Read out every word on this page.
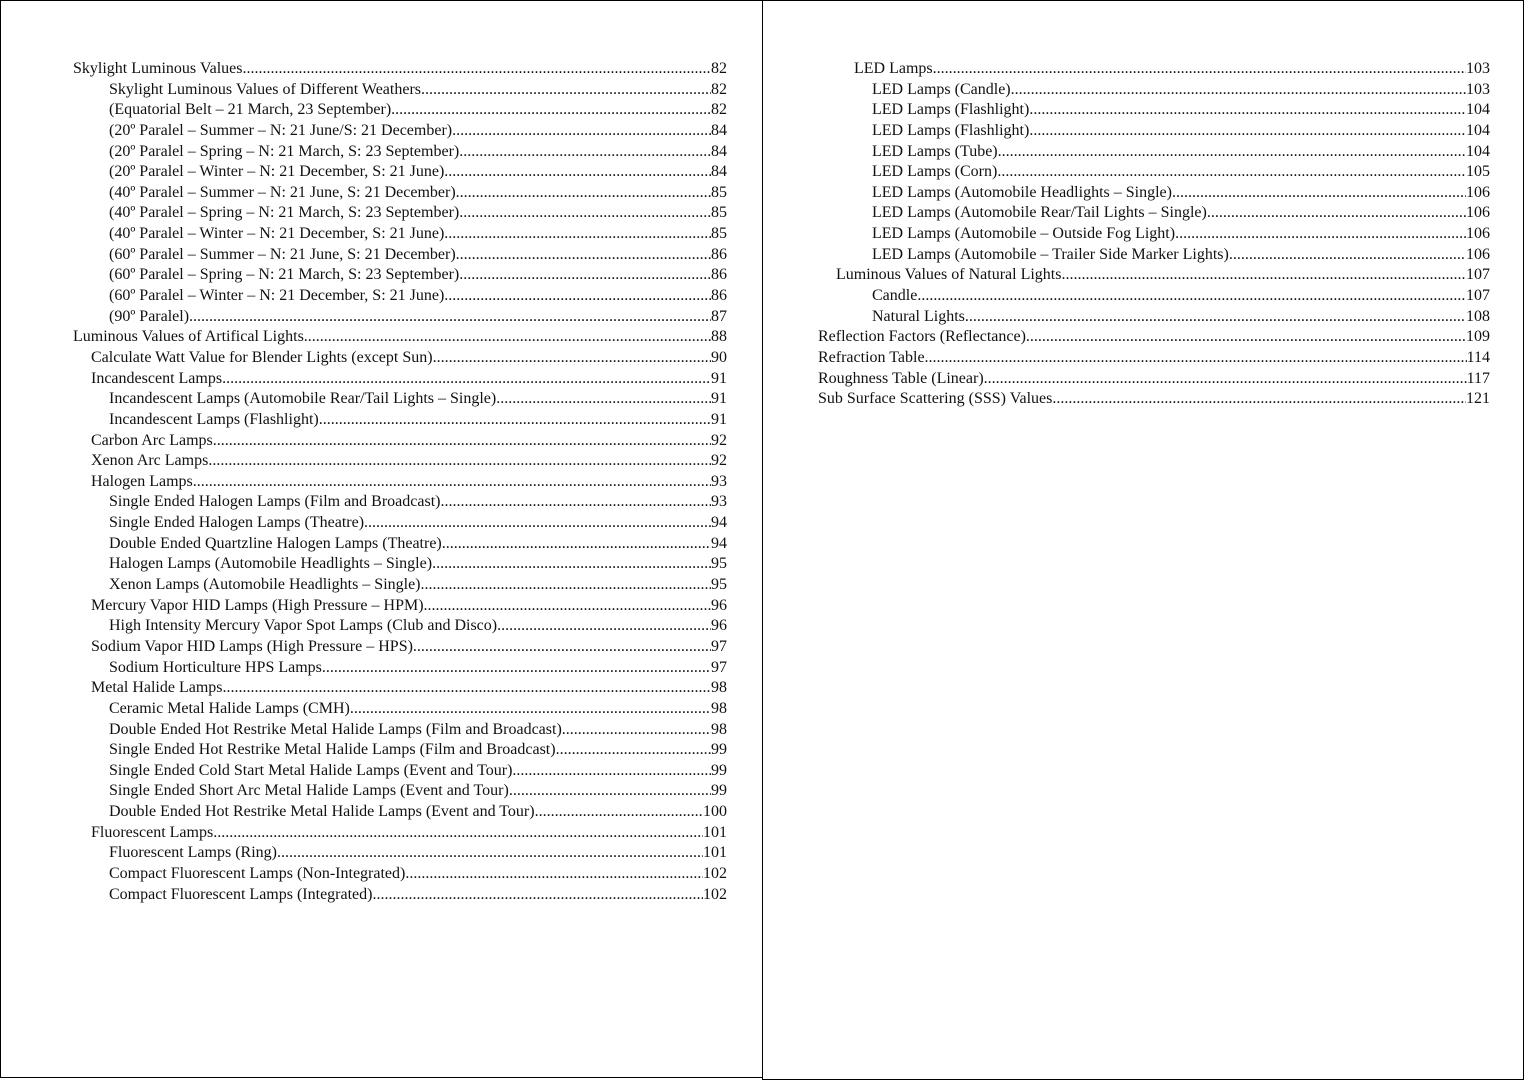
Skylight Luminous Values .....	82
Skylight Luminous Values of Different Weathers .....	82
(Equatorial Belt – 21 March, 23 September) .....	82
(20º Paralel – Summer – N: 21 June/S: 21 December) .....	84
(20º Paralel – Spring – N: 21 March, S: 23 September) .....	84
(20º Paralel – Winter – N: 21 December, S: 21 June) .....	84
(40º Paralel – Summer – N: 21 June, S: 21 December) .....	85
(40º Paralel – Spring – N: 21 March, S: 23 September) .....	85
(40º Paralel – Winter – N: 21 December, S: 21 June) .....	85
(60º Paralel – Summer – N: 21 June, S: 21 December) .....	86
(60º Paralel – Spring – N: 21 March, S: 23 September) .....	86
(60º Paralel – Winter – N: 21 December, S: 21 June) .....	86
(90º Paralel) .....	87
Luminous Values of Artifical Lights .....	88
Calculate Watt Value for Blender Lights (except Sun) .....	90
Incandescent Lamps .....	91
Incandescent Lamps (Automobile Rear/Tail Lights – Single) .....	91
Incandescent Lamps (Flashlight) .....	91
Carbon Arc Lamps .....	92
Xenon Arc Lamps .....	92
Halogen Lamps .....	93
Single Ended Halogen Lamps (Film and Broadcast) .....	93
Single Ended Halogen Lamps (Theatre) .....	94
Double Ended Quartzline Halogen Lamps (Theatre) .....	94
Halogen Lamps (Automobile Headlights – Single) .....	95
Xenon Lamps (Automobile Headlights – Single) .....	95
Mercury Vapor HID Lamps (High Pressure – HPM) .....	96
High Intensity Mercury Vapor Spot Lamps (Club and Disco) .....	96
Sodium Vapor HID Lamps (High Pressure – HPS) .....	97
Sodium Horticulture HPS Lamps .....	97
Metal Halide Lamps .....	98
Ceramic Metal Halide Lamps (CMH) .....	98
Double Ended Hot Restrike Metal Halide Lamps (Film and Broadcast) .....	98
Single Ended Hot Restrike Metal Halide Lamps (Film and Broadcast) .....	99
Single Ended Cold Start Metal Halide Lamps (Event and Tour) .....	99
Single Ended Short Arc Metal Halide Lamps (Event and Tour) .....	99
Double Ended Hot Restrike Metal Halide Lamps (Event and Tour) .....	100
Fluorescent Lamps .....	101
Fluorescent Lamps (Ring) .....	101
Compact Fluorescent Lamps (Non-Integrated) .....	102
Compact Fluorescent Lamps (Integrated) .....	102
LED Lamps .....	103
LED Lamps (Candle) .....	103
LED Lamps (Flashlight) .....	104
LED Lamps (Flashlight) .....	104
LED Lamps (Tube) .....	104
LED Lamps (Corn) .....	105
LED Lamps (Automobile Headlights – Single) .....	106
LED Lamps (Automobile Rear/Tail Lights – Single) .....	106
LED Lamps (Automobile – Outside Fog Light) .....	106
LED Lamps (Automobile – Trailer Side Marker Lights) .....	106
Luminous Values of Natural Lights .....	107
Candle .....	107
Natural Lights .....	108
Reflection Factors (Reflectance) .....	109
Refraction Table .....	114
Roughness Table (Linear) .....	117
Sub Surface Scattering (SSS) Values .....	121
